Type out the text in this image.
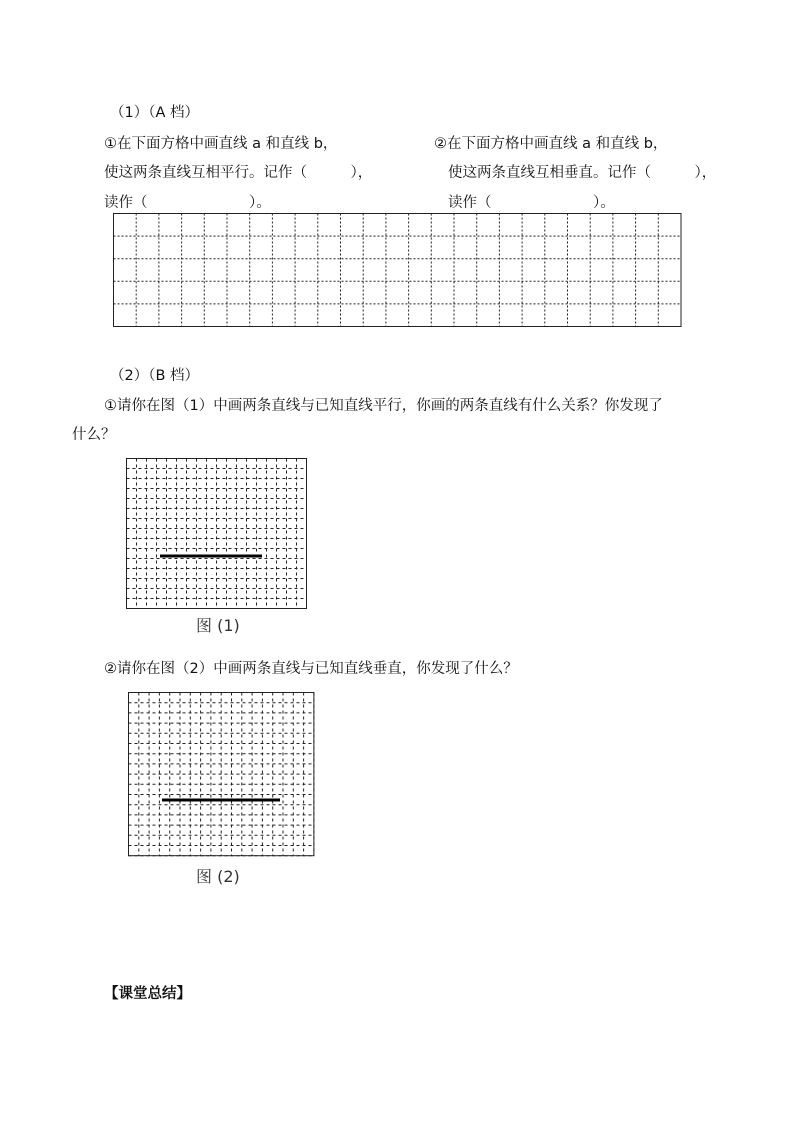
（1）（A 档）
①在下面方格中画直线 a 和直线 b，	②在下面方格中画直线 a 和直线 b，
使这两条直线互相平行。记作（　　　），	使这两条直线互相垂直。记作（　　　），
读作（　　　　　　　）。	读作（　　　　　　　）。
（2）（B 档）
①请你在图（1）中画两条直线与已知直线平行，你画的两条直线有什么关系？你发现了
什么？
图 (1)
②请你在图（2）中画两条直线与已知直线垂直，你发现了什么？
图 (2)
【课堂总结】
